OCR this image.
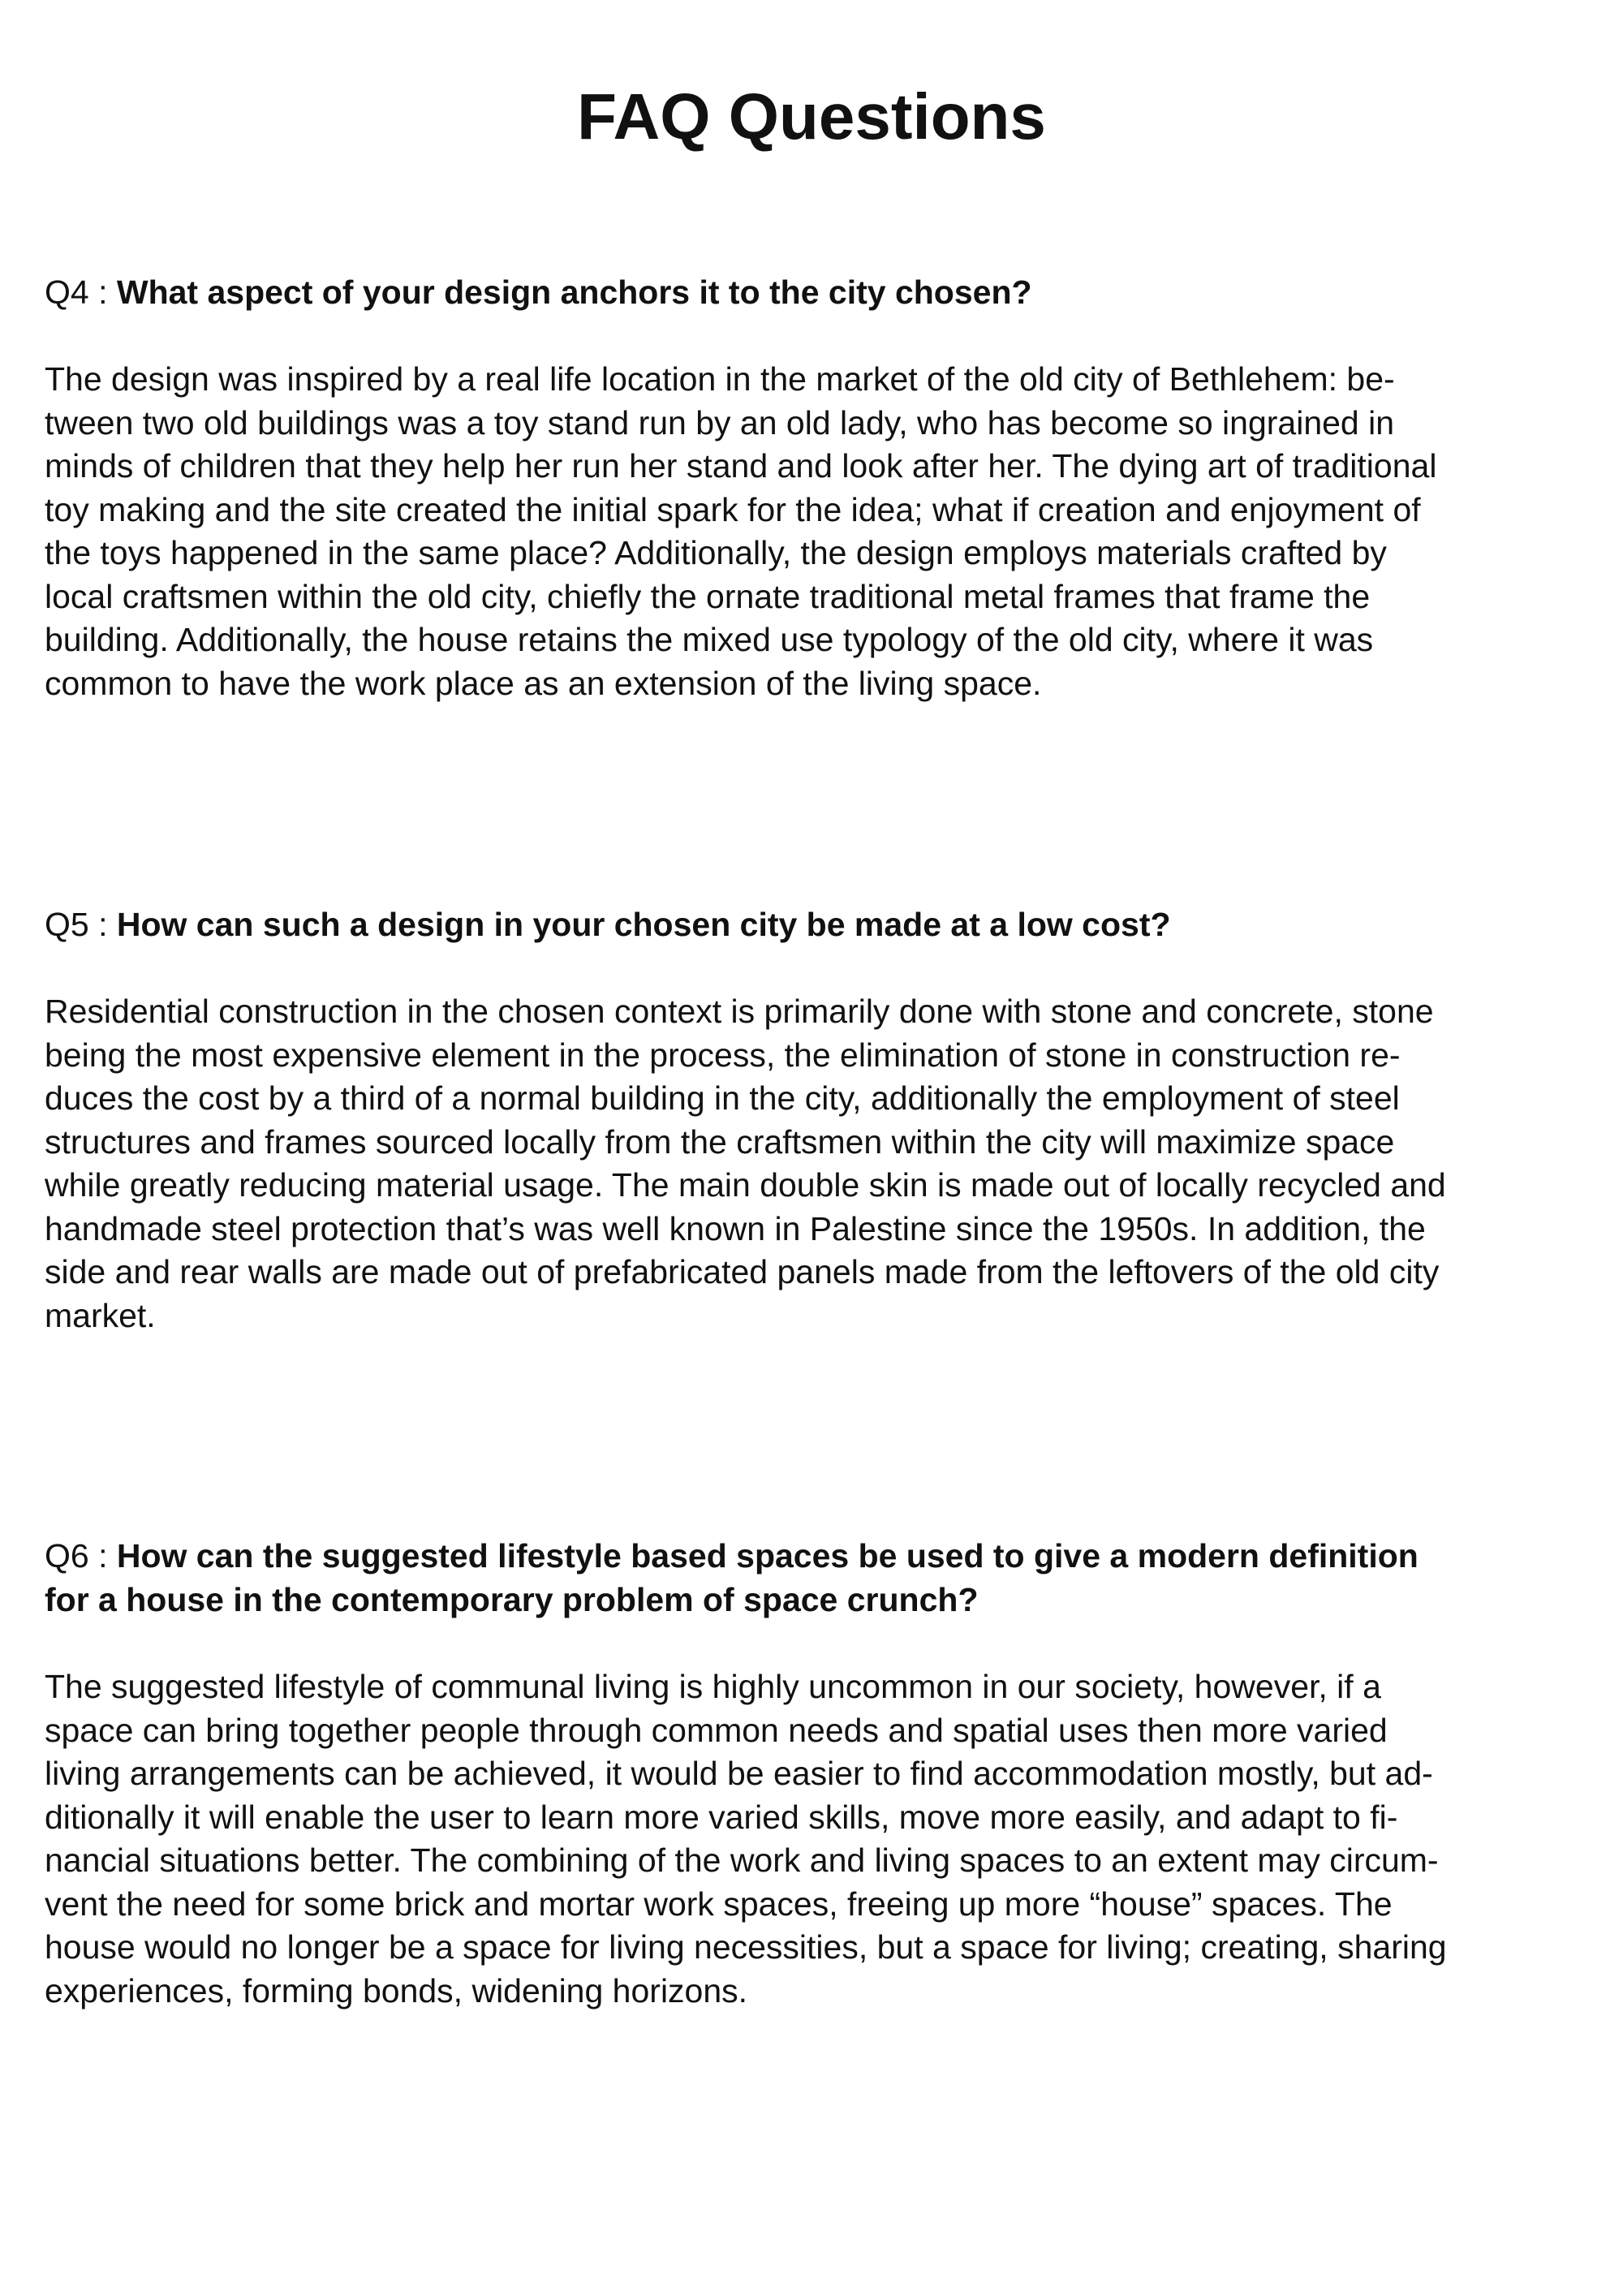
FAQ Questions

Q4 : What aspect of your design anchors it to the city chosen?

The design was inspired by a real life location in the market of the old city of Bethlehem: be-
tween two old buildings was a toy stand run by an old lady, who has become so ingrained in
minds of children that they help her run her stand and look after her. The dying art of traditional
toy making and the site created the initial spark for the idea; what if creation and enjoyment of
the toys happened in the same place? Additionally, the design employs materials crafted by
local craftsmen within the old city, chiefly the ornate traditional metal frames that frame the
building. Additionally, the house retains the mixed use typology of the old city, where it was
common to have the work place as an extension of the living space.

Q5 : How can such a design in your chosen city be made at a low cost?

Residential construction in the chosen context is primarily done with stone and concrete, stone
being the most expensive element in the process, the elimination of stone in construction re-
duces the cost by a third of a normal building in the city, additionally the employment of steel
structures and frames sourced locally from the craftsmen within the city will maximize space
while greatly reducing material usage. The main double skin is made out of locally recycled and
handmade steel protection that’s was well known in Palestine since the 1950s. In addition, the
side and rear walls are made out of prefabricated panels made from the leftovers of the old city
market.

Q6 : How can the suggested lifestyle based spaces be used to give a modern definition
for a house in the contemporary problem of space crunch?

The suggested lifestyle of communal living is highly uncommon in our society, however, if a
space can bring together people through common needs and spatial uses then more varied
living arrangements can be achieved, it would be easier to find accommodation mostly, but ad-
ditionally it will enable the user to learn more varied skills, move more easily, and adapt to fi-
nancial situations better. The combining of the work and living spaces to an extent may circum-
vent the need for some brick and mortar work spaces, freeing up more “house” spaces. The
house would no longer be a space for living necessities, but a space for living; creating, sharing
experiences, forming bonds, widening horizons.
